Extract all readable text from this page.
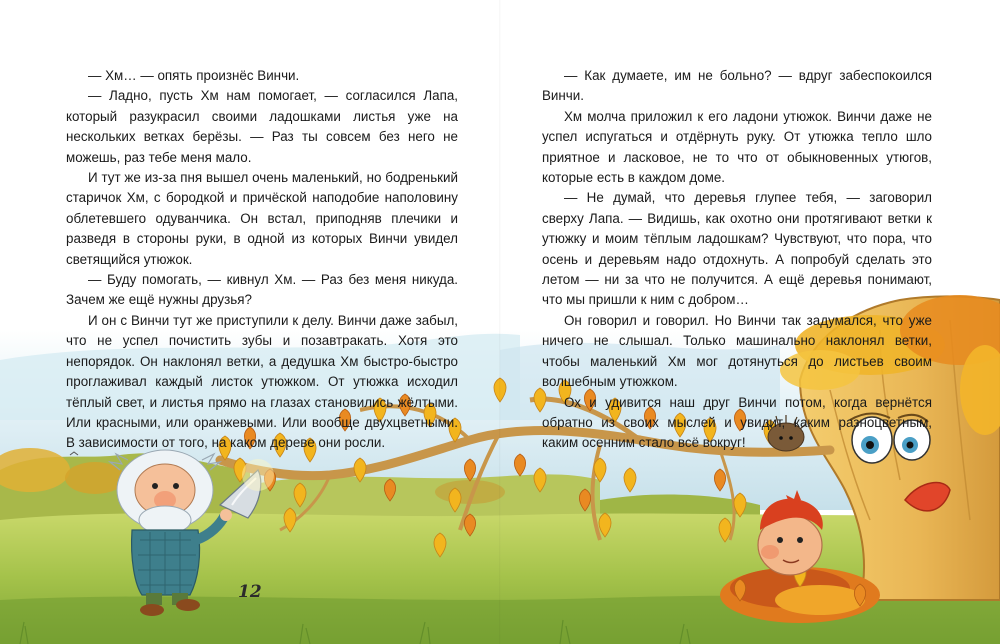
— Хм… — опять произнёс Винчи.

— Ладно, пусть Хм нам помогает, — согласился Лапа, который разукрасил своими ладошками листья уже на нескольких ветках берёзы. — Раз ты совсем без него не можешь, раз тебе меня мало.

И тут же из-за пня вышел очень маленький, но бодренький старичок Хм, с бородкой и причёской наподобие наполовину облетевшего одуванчика. Он встал, приподняв плечики и разведя в стороны руки, в одной из которых Винчи увидел светящийся утюжок.

— Буду помогать, — кивнул Хм. — Раз без меня никуда. Зачем же ещё нужны друзья?

И он с Винчи тут же приступили к делу. Винчи даже забыл, что не успел почистить зубы и позавтракать. Хотя это непорядок. Он наклонял ветки, а дедушка Хм быстро-быстро проглаживал каждый листок утюжком. От утюжка исходил тёплый свет, и листья прямо на глазах становились жёлтыми. Или красными, или оранжевыми. Или вообще двухцветными. В зависимости от того, на каком дереве они росли.

— Как думаете, им не больно? — вдруг забеспокоился Винчи.

Хм молча приложил к его ладони утюжок. Винчи даже не успел испугаться и отдёрнуть руку. От утюжка тепло шло приятное и ласковое, не то что от обыкновенных утюгов, которые есть в каждом доме.

— Не думай, что деревья глупее тебя, — заговорил сверху Лапа. — Видишь, как охотно они протягивают ветки к утюжку и моим тёплым ладошкам? Чувствуют, что пора, что осень и деревьям надо отдохнуть. А попробуй сделать это летом — ни за что не получится. А ещё деревья понимают, что мы пришли к ним с добром…

Он говорил и говорил. Но Винчи так задумался, что уже ничего не слышал. Только машинально наклонял ветки, чтобы маленький Хм мог дотянуться до листьев своим волшебным утюжком.

Ох и удивится наш друг Винчи потом, когда вернётся обратно из своих мыслей и увидит, каким разноцветным, каким осенним стало всё вокруг!

12
